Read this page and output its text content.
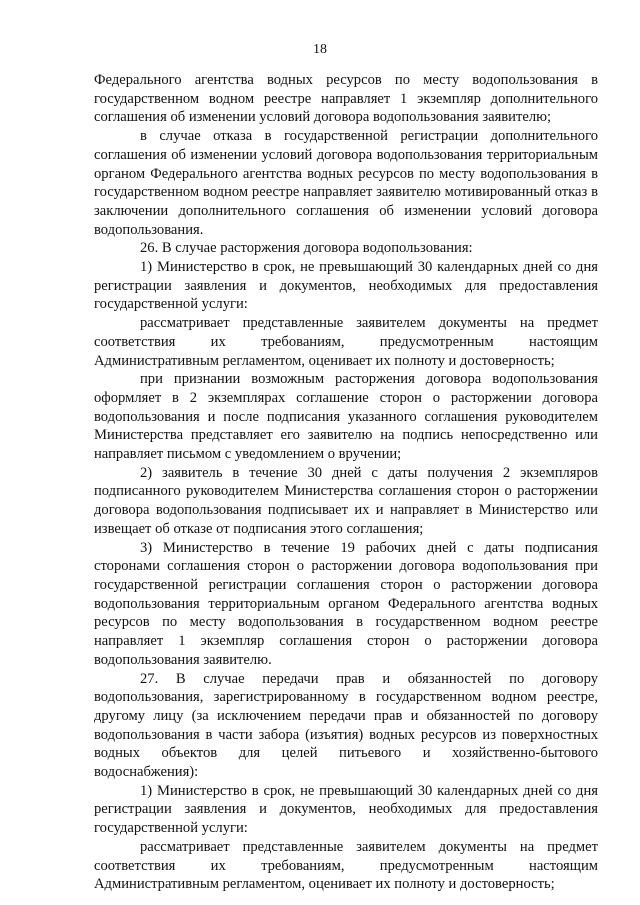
18

Федерального агентства водных ресурсов по месту водопользования в государственном водном реестре направляет 1 экземпляр дополнительного соглашения об изменении условий договора водопользования заявителю;

в случае отказа в государственной регистрации дополнительного соглашения об изменении условий договора водопользования территориальным органом Федерального агентства водных ресурсов по месту водопользования в государственном водном реестре направляет заявителю мотивированный отказ в заключении дополнительного соглашения об изменении условий договора водопользования.

26. В случае расторжения договора водопользования:

1) Министерство в срок, не превышающий 30 календарных дней со дня регистрации заявления и документов, необходимых для предоставления государственной услуги:

рассматривает представленные заявителем документы на предмет соответствия их требованиям, предусмотренным настоящим Административным регламентом, оценивает их полноту и достоверность;

при признании возможным расторжения договора водопользования оформляет в 2 экземплярах соглашение сторон о расторжении договора водопользования и после подписания указанного соглашения руководителем Министерства представляет его заявителю на подпись непосредственно или направляет письмом с уведомлением о вручении;

2) заявитель в течение 30 дней с даты получения 2 экземпляров подписанного руководителем Министерства соглашения сторон о расторжении договора водопользования подписывает их и направляет в Министерство или извещает об отказе от подписания этого соглашения;

3) Министерство в течение 19 рабочих дней с даты подписания сторонами соглашения сторон о расторжении договора водопользования при государственной регистрации соглашения сторон о расторжении договора водопользования территориальным органом Федерального агентства водных ресурсов по месту водопользования в государственном водном реестре направляет 1 экземпляр соглашения сторон о расторжении договора водопользования заявителю.

27. В случае передачи прав и обязанностей по договору водопользования, зарегистрированному в государственном водном реестре, другому лицу (за исключением передачи прав и обязанностей по договору водопользования в части забора (изъятия) водных ресурсов из поверхностных водных объектов для целей питьевого и хозяйственно-бытового водоснабжения):

1) Министерство в срок, не превышающий 30 календарных дней со дня регистрации заявления и документов, необходимых для предоставления государственной услуги:

рассматривает представленные заявителем документы на предмет соответствия их требованиям, предусмотренным настоящим Административным регламентом, оценивает их полноту и достоверность;
